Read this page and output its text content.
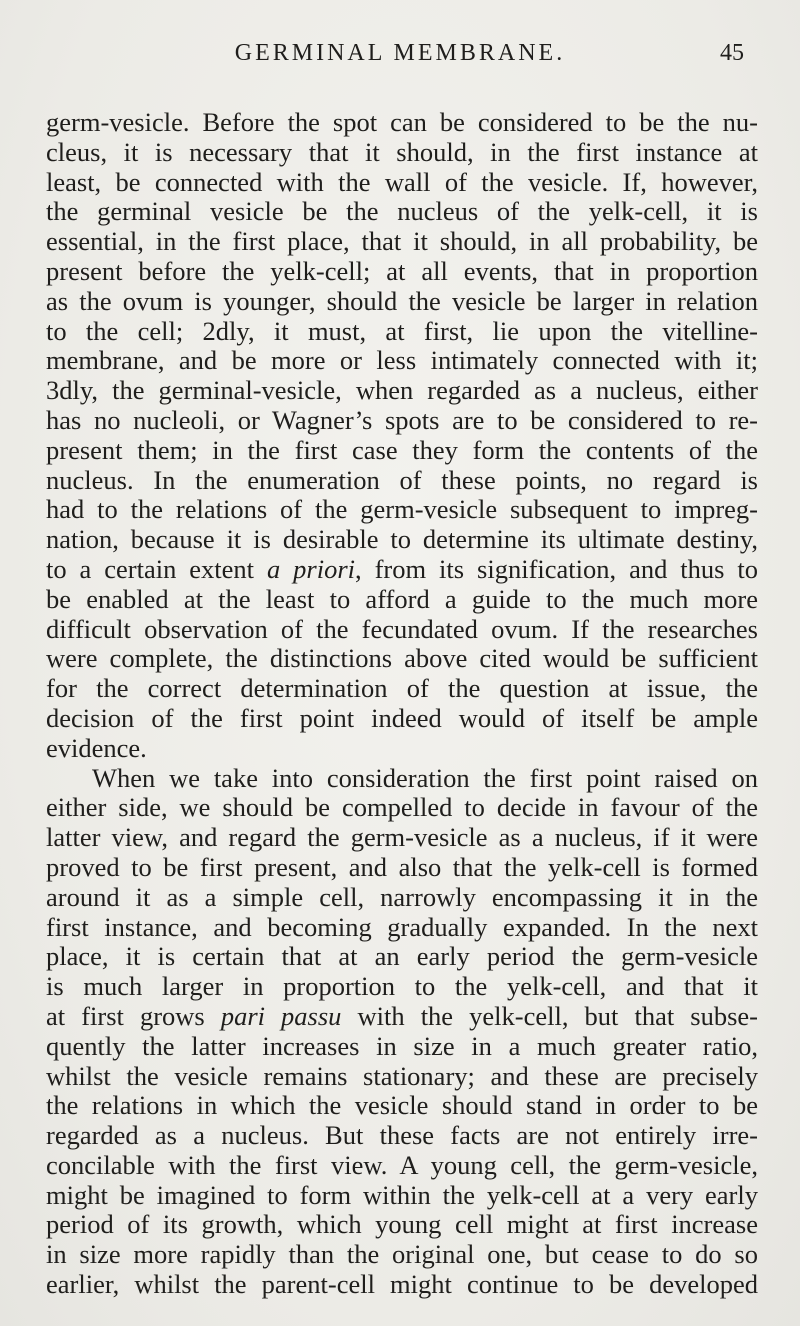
GERMINAL MEMBRANE.	45
germ-vesicle. Before the spot can be considered to be the nu-
cleus, it is necessary that it should, in the first instance at
least, be connected with the wall of the vesicle. If, however,
the germinal vesicle be the nucleus of the yelk-cell, it is
essential, in the first place, that it should, in all probability, be
present before the yelk-cell; at all events, that in proportion
as the ovum is younger, should the vesicle be larger in relation
to the cell; 2dly, it must, at first, lie upon the vitelline-
membrane, and be more or less intimately connected with it;
3dly, the germinal-vesicle, when regarded as a nucleus, either
has no nucleoli, or Wagner’s spots are to be considered to re-
present them; in the first case they form the contents of the
nucleus. In the enumeration of these points, no regard is
had to the relations of the germ-vesicle subsequent to impreg-
nation, because it is desirable to determine its ultimate destiny,
to a certain extent a priori, from its signification, and thus to
be enabled at the least to afford a guide to the much more
difficult observation of the fecundated ovum. If the researches
were complete, the distinctions above cited would be sufficient
for the correct determination of the question at issue, the
decision of the first point indeed would of itself be ample
evidence.
When we take into consideration the first point raised on
either side, we should be compelled to decide in favour of the
latter view, and regard the germ-vesicle as a nucleus, if it were
proved to be first present, and also that the yelk-cell is formed
around it as a simple cell, narrowly encompassing it in the
first instance, and becoming gradually expanded. In the next
place, it is certain that at an early period the germ-vesicle
is much larger in proportion to the yelk-cell, and that it
at first grows pari passu with the yelk-cell, but that subse-
quently the latter increases in size in a much greater ratio,
whilst the vesicle remains stationary; and these are precisely
the relations in which the vesicle should stand in order to be
regarded as a nucleus. But these facts are not entirely irre-
concilable with the first view. A young cell, the germ-vesicle,
might be imagined to form within the yelk-cell at a very early
period of its growth, which young cell might at first increase
in size more rapidly than the original one, but cease to do so
earlier, whilst the parent-cell might continue to be developed
